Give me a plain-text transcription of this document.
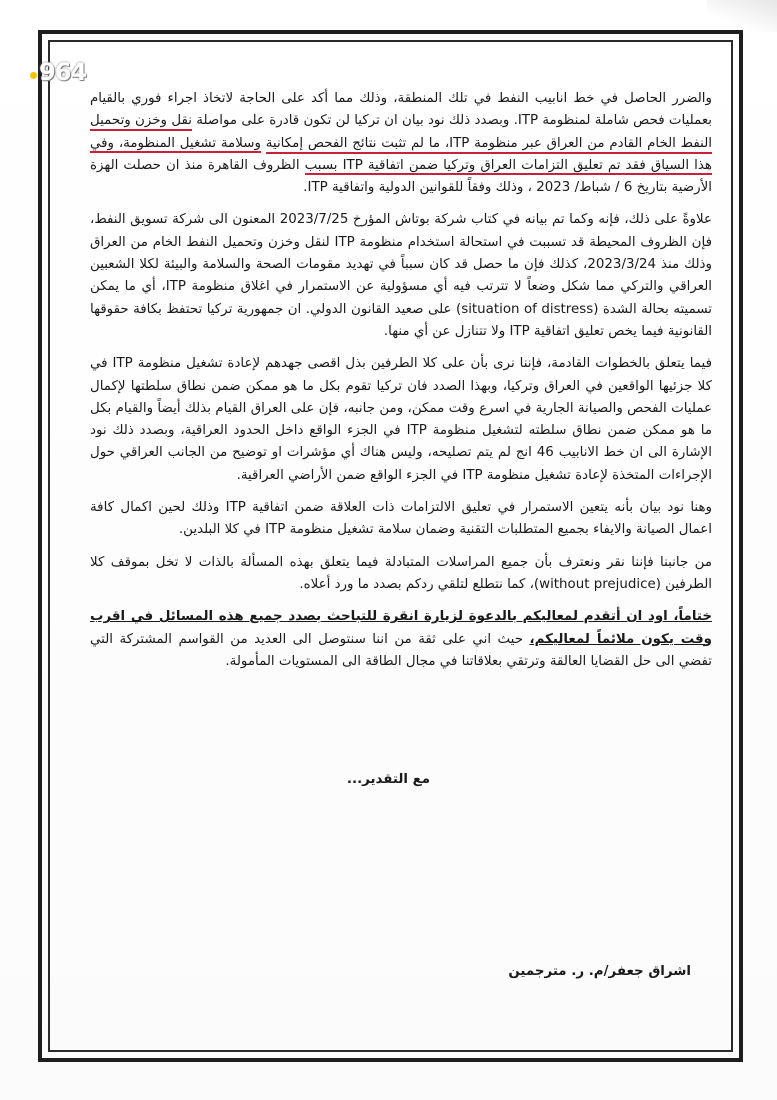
964

والضرر الحاصل في خط انابيب النفط في تلك المنطقة، وذلك مما أكد على الحاجة لاتخاذ اجراء فوري بالقيام بعمليات فحص شاملة لمنظومة ITP. وبصدد ذلك نود بيان ان تركيا لن تكون قادرة على مواصلة نقل وخزن وتحميل النفط الخام القادم من العراق عبر منظومة ITP، ما لم تثبت نتائج الفحص إمكانية وسلامة تشغيل المنظومة، وفي هذا السياق فقد تم تعليق التزامات العراق وتركيا ضمن اتفاقية ITP بسبب الظروف القاهرة منذ ان حصلت الهزة الأرضية بتاريخ 6 / شباط/ 2023 ، وذلك وفقاً للقوانين الدولية واتفاقية ITP.

علاوةً على ذلك، فإنه وكما تم بيانه في كتاب شركة بوتاش المؤرخ 2023/7/25 المعنون الى شركة تسويق النفط، فإن الظروف المحيطة قد تسببت في استحالة استخدام منظومة ITP لنقل وخزن وتحميل النفط الخام من العراق وذلك منذ 2023/3/24، كذلك فإن ما حصل قد كان سبباً في تهديد مقومات الصحة والسلامة والبيئة لكلا الشعبين العراقي والتركي مما شكل وضعاً لا تترتب فيه أي مسؤولية عن الاستمرار في اغلاق منظومة ITP، أي ما يمكن تسميته بحالة الشدة (situation of distress) على صعيد القانون الدولي. ان جمهورية تركيا تحتفظ بكافة حقوقها القانونية فيما يخص تعليق اتفاقية ITP ولا تتنازل عن أي منها.

فيما يتعلق بالخطوات القادمة، فإننا نرى بأن على كلا الطرفين بذل اقصى جهدهم لإعادة تشغيل منظومة ITP في كلا جزئيها الواقعين في العراق وتركيا، وبهذا الصدد فان تركيا تقوم بكل ما هو ممكن ضمن نطاق سلطتها لإكمال عمليات الفحص والصيانة الجارية في اسرع وقت ممكن، ومن جانبه، فإن على العراق القيام بذلك أيضاً والقيام بكل ما هو ممكن ضمن نطاق سلطته لتشغيل منظومة ITP في الجزء الواقع داخل الحدود العراقية، وبصدد ذلك نود الإشارة الى ان خط الانابيب 46 انج لم يتم تصليحه، وليس هناك أي مؤشرات او توضيح من الجانب العراقي حول الإجراءات المتخذة لإعادة تشغيل منظومة ITP في الجزء الواقع ضمن الأراضي العراقية.

وهنا نود بيان بأنه يتعين الاستمرار في تعليق الالتزامات ذات العلاقة ضمن اتفاقية ITP وذلك لحين اكمال كافة اعمال الصيانة والايفاء بجميع المتطلبات التقنية وضمان سلامة تشغيل منظومة ITP في كلا البلدين.

من جانبنا فإننا نقر ونعترف بأن جميع المراسلات المتبادلة فيما يتعلق بهذه المسألة بالذات لا تخل بموقف كلا الطرفين (without prejudice)، كما نتطلع لتلقي ردكم بصدد ما ورد أعلاه.

ختاماً، اود ان أتقدم لمعاليكم بالدعوة لزيارة انقرة للتباحث بصدد جميع هذه المسائل في اقرب وقت يكون ملائماً لمعاليكم، حيث اني على ثقة من اننا سنتوصل الى العديد من القواسم المشتركة التي تفضي الى حل القضايا العالقة وترتقي بعلاقاتنا في مجال الطاقة الى المستويات المأمولة.

مع التقدير...
اشراق جعفر/م. ر. مترجمين
